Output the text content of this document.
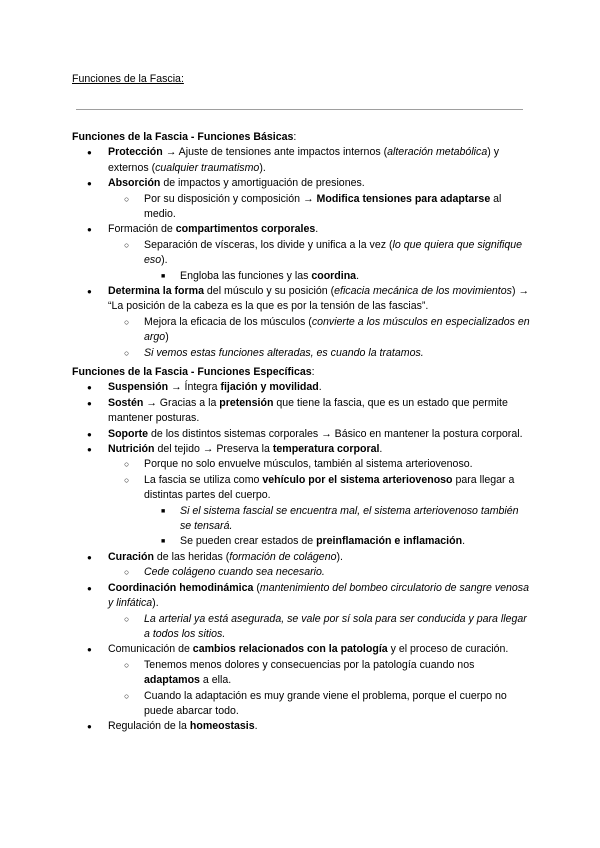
Funciones de la Fascia:
Funciones de la Fascia - Funciones Básicas:
● Protección → Ajuste de tensiones ante impactos internos (alteración metabólica) y externos (cualquier traumatismo).
● Absorción de impactos y amortiguación de presiones.
○ Por su disposición y composición → Modifica tensiones para adaptarse al medio.
● Formación de compartimentos corporales.
○ Separación de vísceras, los divide y unifica a la vez (lo que quiera que signifique eso).
■ Engloba las funciones y las coordina.
● Determina la forma del músculo y su posición (eficacia mecánica de los movimientos) → “La posición de la cabeza es la que es por la tensión de las fascias”.
○ Mejora la eficacia de los músculos (convierte a los músculos en especializados en argo)
○ Si vemos estas funciones alteradas, es cuando la tratamos.
Funciones de la Fascia - Funciones Específicas:
● Suspensión → Íntegra fijación y movilidad.
● Sostén → Gracias a la pretensión que tiene la fascia, que es un estado que permite mantener posturas.
● Soporte de los distintos sistemas corporales → Básico en mantener la postura corporal.
● Nutrición del tejido → Preserva la temperatura corporal.
○ Porque no solo envuelve músculos, también al sistema arteriovenoso.
○ La fascia se utiliza como vehículo por el sistema arteriovenoso para llegar a distintas partes del cuerpo.
■ Si el sistema fascial se encuentra mal, el sistema arteriovenoso también se tensará.
■ Se pueden crear estados de preinflamación e inflamación.
● Curación de las heridas (formación de colágeno).
○ Cede colágeno cuando sea necesario.
● Coordinación hemodinámica (mantenimiento del bombeo circulatorio de sangre venosa y linfática).
○ La arterial ya está asegurada, se vale por sí sola para ser conducida y para llegar a todos los sitios.
● Comunicación de cambios relacionados con la patología y el proceso de curación.
○ Tenemos menos dolores y consecuencias por la patología cuando nos adaptamos a ella.
○ Cuando la adaptación es muy grande viene el problema, porque el cuerpo no puede abarcar todo.
● Regulación de la homeostasis.
